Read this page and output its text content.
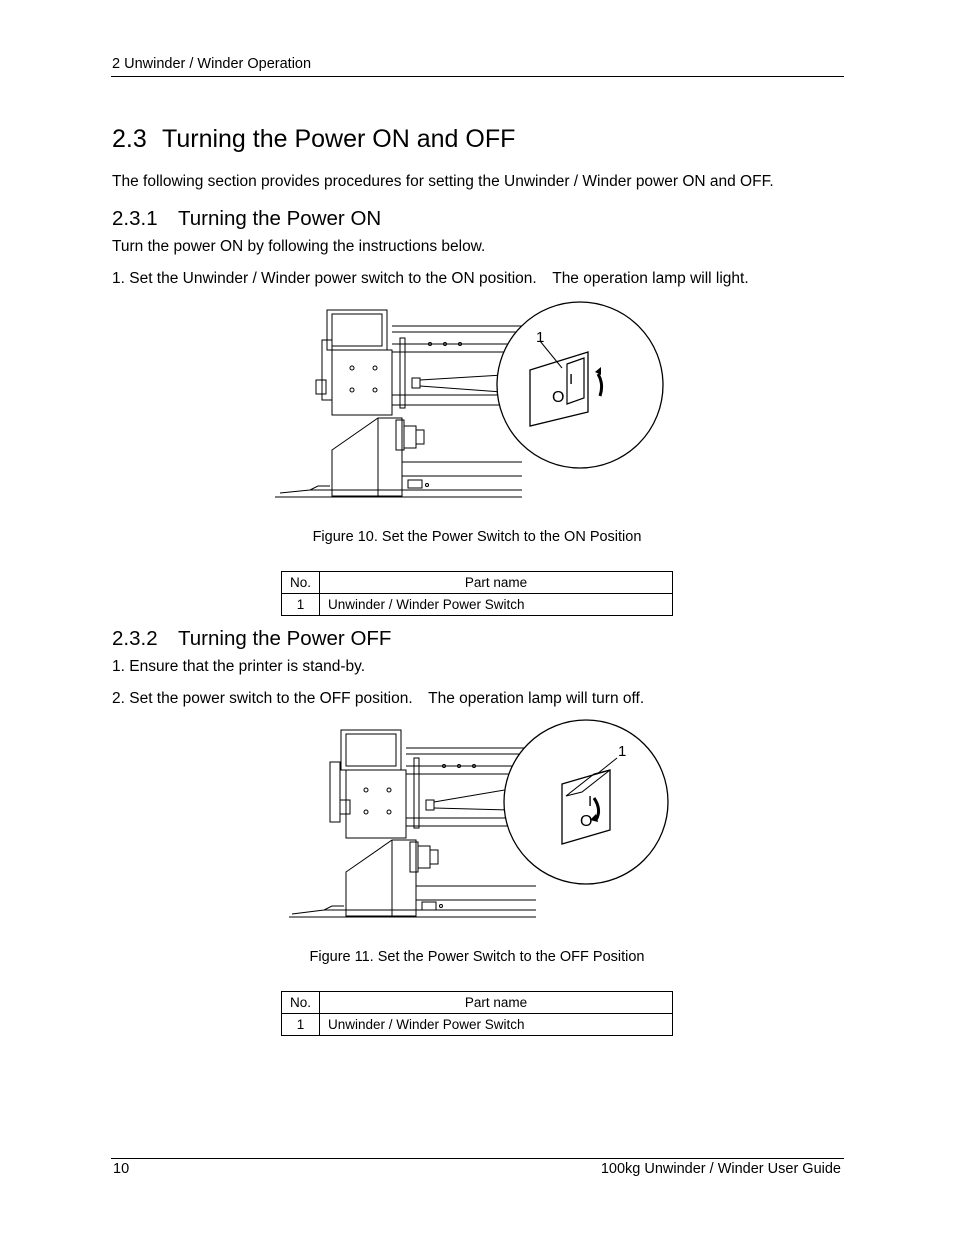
2 Unwinder / Winder Operation
2.3 Turning the Power ON and OFF

The following section provides procedures for setting the Unwinder / Winder power ON and OFF.

2.3.1 Turning the Power ON

Turn the power ON by following the instructions below.

1. Set the Unwinder / Winder power switch to the ON position.　The operation lamp will light.

1
I
O
Figure 10. Set the Power Switch to the ON Position
No.	Part name
1	Unwinder / Winder Power Switch
2.3.2 Turning the Power OFF

1. Ensure that the printer is stand-by.

2. Set the power switch to the OFF position.　The operation lamp will turn off.

1
I
O
Figure 11. Set the Power Switch to the OFF Position
No.	Part name
1	Unwinder / Winder Power Switch
10	100kg Unwinder / Winder User Guide
